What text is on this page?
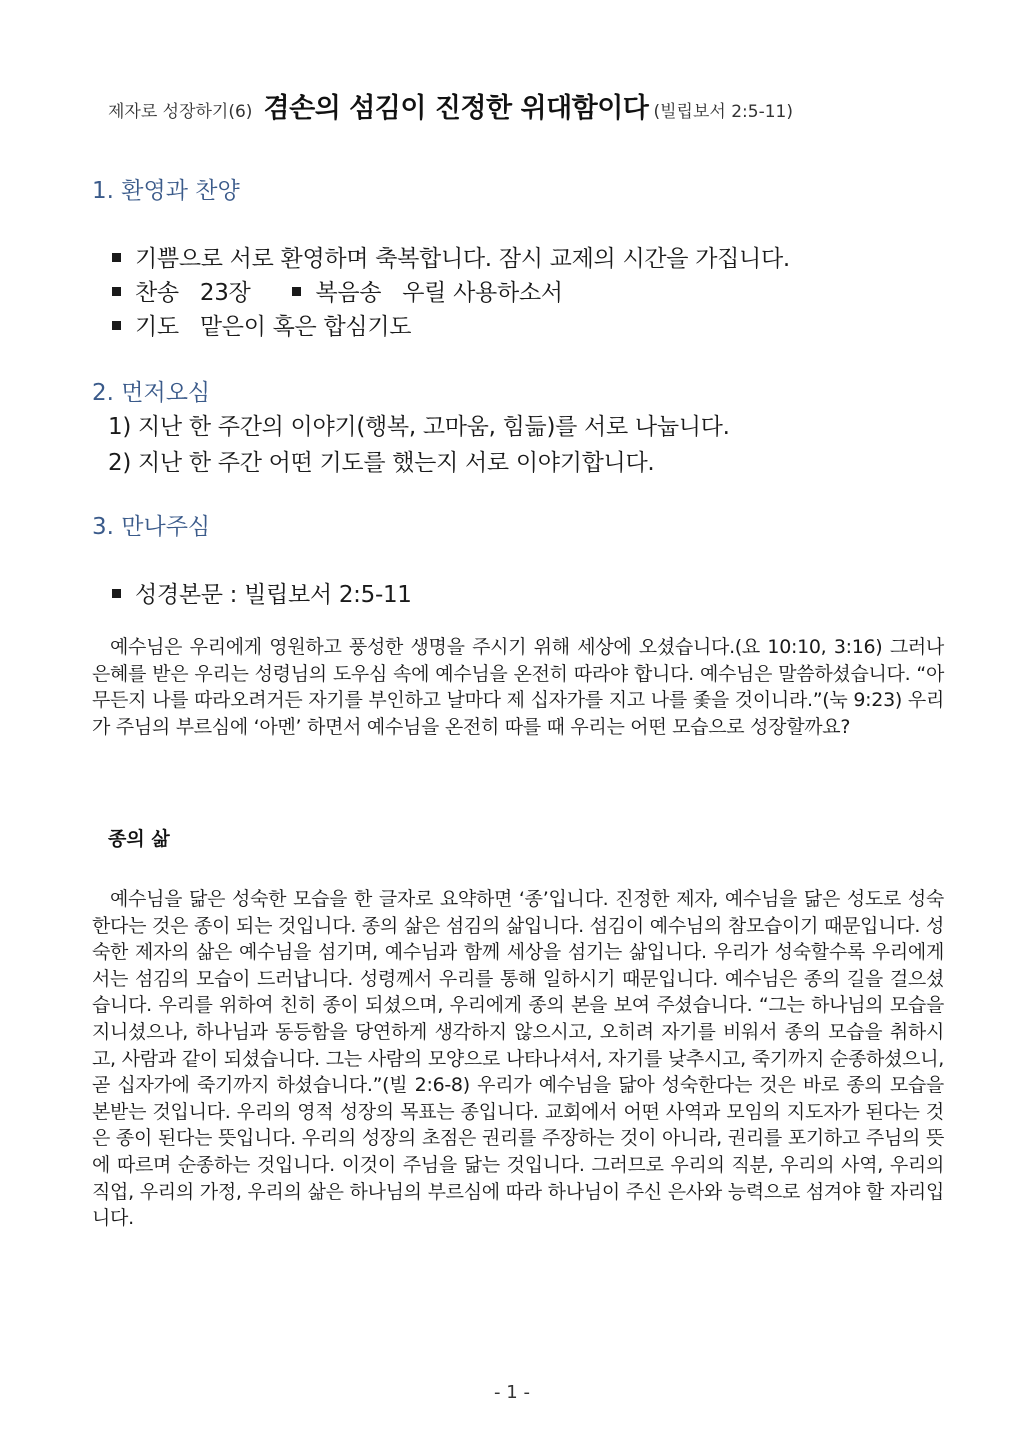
제자로 성장하기(6) 겸손의 섬김이 진정한 위대함이다 (빌립보서 2:5-11)
1. 환영과 찬양
기쁨으로 서로 환영하며 축복합니다. 잠시 교제의 시간을 가집니다.
찬송   23장	복음송   우릴 사용하소서
기도   맡은이 혹은 합심기도
2. 먼저오심
1) 지난 한 주간의 이야기(행복, 고마움, 힘듦)를 서로 나눕니다.
2) 지난 한 주간 어떤 기도를 했는지 서로 이야기합니다.
3. 만나주심
성경본문 : 빌립보서 2:5-11

예수님은 우리에게 영원하고 풍성한 생명을 주시기 위해 세상에 오셨습니다.(요 10:10, 3:16) 그러나 은혜를 받은 우리는 성령님의 도우심 속에 예수님을 온전히 따라야 합니다. 예수님은 말씀하셨습니다. “아무든지 나를 따라오려거든 자기를 부인하고 날마다 제 십자가를 지고 나를 좇을 것이니라.”(눅 9:23) 우리가 주님의 부르심에 ‘아멘’ 하면서 예수님을 온전히 따를 때 우리는 어떤 모습으로 성장할까요?

종의 삶

예수님을 닮은 성숙한 모습을 한 글자로 요약하면 ‘종’입니다. 진정한 제자, 예수님을 닮은 성도로 성숙한다는 것은 종이 되는 것입니다. 종의 삶은 섬김의 삶입니다. 섬김이 예수님의 참모습이기 때문입니다. 성숙한 제자의 삶은 예수님을 섬기며, 예수님과 함께 세상을 섬기는 삶입니다. 우리가 성숙할수록 우리에게서는 섬김의 모습이 드러납니다. 성령께서 우리를 통해 일하시기 때문입니다. 예수님은 종의 길을 걸으셨습니다. 우리를 위하여 친히 종이 되셨으며, 우리에게 종의 본을 보여 주셨습니다. “그는 하나님의 모습을 지니셨으나, 하나님과 동등함을 당연하게 생각하지 않으시고, 오히려 자기를 비워서 종의 모습을 취하시고, 사람과 같이 되셨습니다. 그는 사람의 모양으로 나타나셔서, 자기를 낮추시고, 죽기까지 순종하셨으니, 곧 십자가에 죽기까지 하셨습니다.”(빌 2:6-8) 우리가 예수님을 닮아 성숙한다는 것은 바로 종의 모습을 본받는 것입니다. 우리의 영적 성장의 목표는 종입니다. 교회에서 어떤 사역과 모임의 지도자가 된다는 것은 종이 된다는 뜻입니다. 우리의 성장의 초점은 권리를 주장하는 것이 아니라, 권리를 포기하고 주님의 뜻에 따르며 순종하는 것입니다. 이것이 주님을 닮는 것입니다. 그러므로 우리의 직분, 우리의 사역, 우리의 직업, 우리의 가정, 우리의 삶은 하나님의 부르심에 따라 하나님이 주신 은사와 능력으로 섬겨야 할 자리입니다.

- 1 -
